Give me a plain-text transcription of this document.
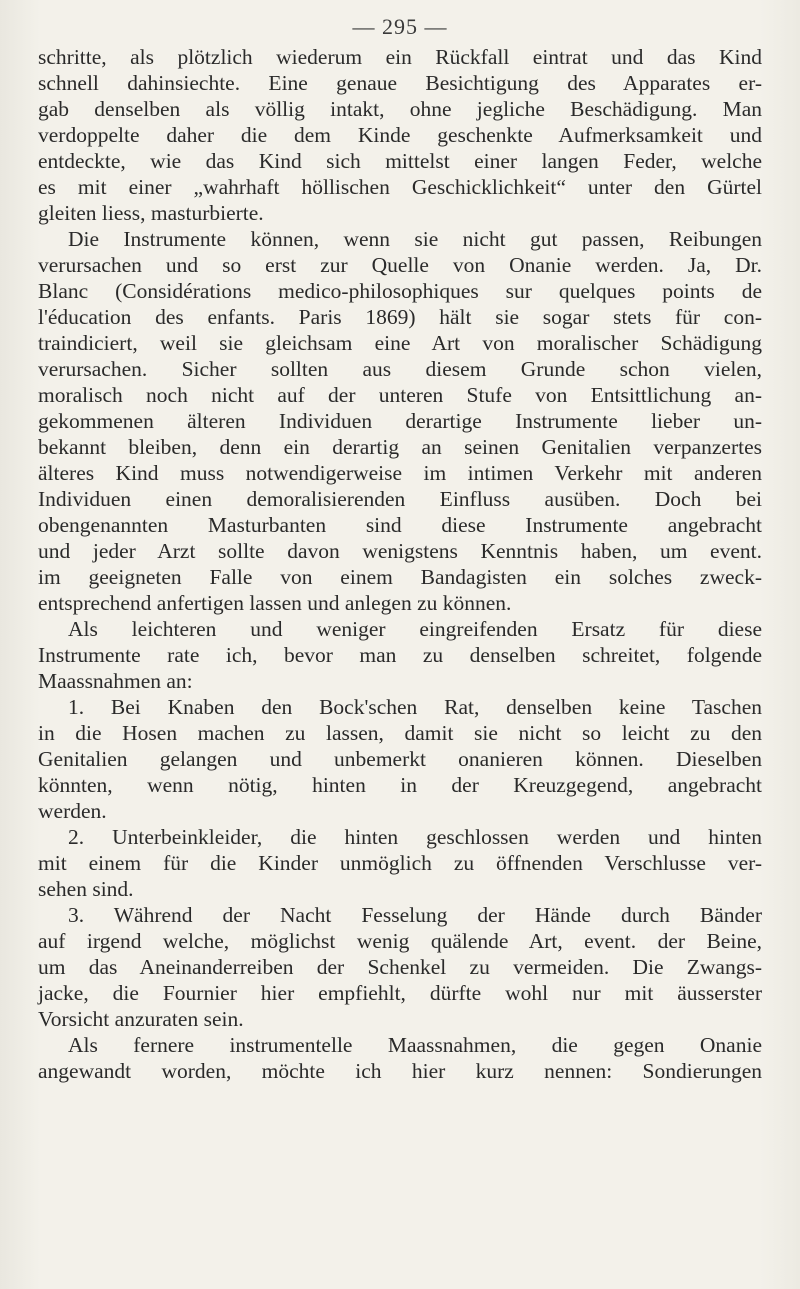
— 295 —
schritte, als plötzlich wiederum ein Rückfall eintrat und das Kind
schnell dahinsiechte. Eine genaue Besichtigung des Apparates er-
gab denselben als völlig intakt, ohne jegliche Beschädigung. Man
verdoppelte daher die dem Kinde geschenkte Aufmerksamkeit und
entdeckte, wie das Kind sich mittelst einer langen Feder, welche
es mit einer „wahrhaft höllischen Geschicklichkeit“ unter den Gürtel
gleiten liess, masturbierte.
Die Instrumente können, wenn sie nicht gut passen, Reibungen
verursachen und so erst zur Quelle von Onanie werden. Ja, Dr.
Blanc (Considérations medico-philosophiques sur quelques points de
l'éducation des enfants. Paris 1869) hält sie sogar stets für con-
traindiciert, weil sie gleichsam eine Art von moralischer Schädigung
verursachen. Sicher sollten aus diesem Grunde schon vielen,
moralisch noch nicht auf der unteren Stufe von Entsittlichung an-
gekommenen älteren Individuen derartige Instrumente lieber un-
bekannt bleiben, denn ein derartig an seinen Genitalien verpanzertes
älteres Kind muss notwendigerweise im intimen Verkehr mit anderen
Individuen einen demoralisierenden Einfluss ausüben. Doch bei
obengenannten Masturbanten sind diese Instrumente angebracht
und jeder Arzt sollte davon wenigstens Kenntnis haben, um event.
im geeigneten Falle von einem Bandagisten ein solches zweck-
entsprechend anfertigen lassen und anlegen zu können.
Als leichteren und weniger eingreifenden Ersatz für diese
Instrumente rate ich, bevor man zu denselben schreitet, folgende
Maassnahmen an:
1. Bei Knaben den Bock'schen Rat, denselben keine Taschen
in die Hosen machen zu lassen, damit sie nicht so leicht zu den
Genitalien gelangen und unbemerkt onanieren können. Dieselben
könnten, wenn nötig, hinten in der Kreuzgegend, angebracht
werden.
2. Unterbeinkleider, die hinten geschlossen werden und hinten
mit einem für die Kinder unmöglich zu öffnenden Verschlusse ver-
sehen sind.
3. Während der Nacht Fesselung der Hände durch Bänder
auf irgend welche, möglichst wenig quälende Art, event. der Beine,
um das Aneinanderreiben der Schenkel zu vermeiden. Die Zwangs-
jacke, die Fournier hier empfiehlt, dürfte wohl nur mit äusserster
Vorsicht anzuraten sein.
Als fernere instrumentelle Maassnahmen, die gegen Onanie
angewandt worden, möchte ich hier kurz nennen: Sondierungen
